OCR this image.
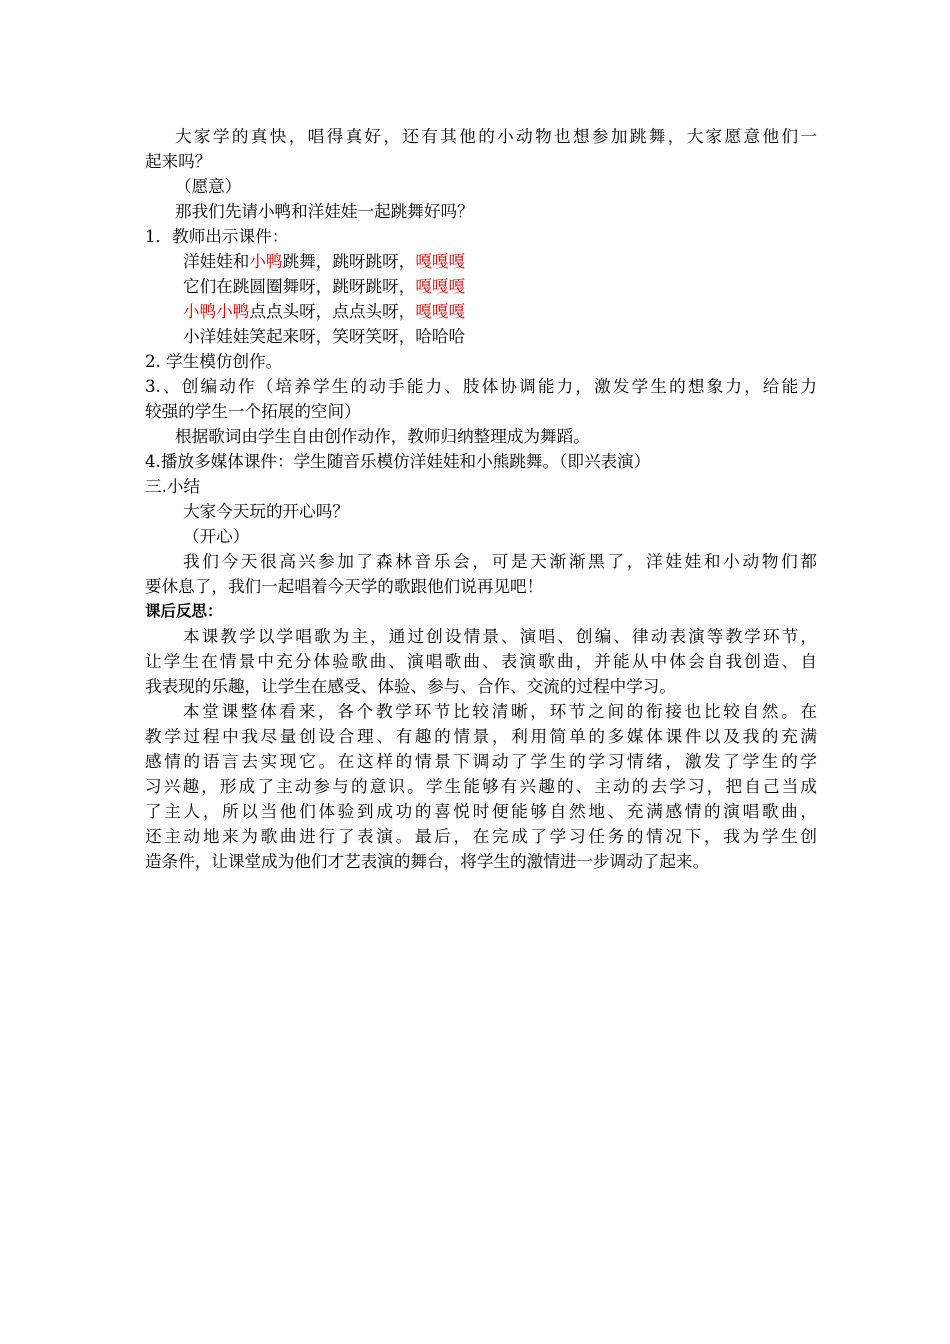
大家学的真快，唱得真好，还有其他的小动物也想参加跳舞，大家愿意他们一
起来吗？
（愿意）
那我们先请小鸭和洋娃娃一起跳舞好吗？
1．教师出示课件：
洋娃娃和小鸭跳舞，跳呀跳呀，嘎嘎嘎
它们在跳圆圈舞呀，跳呀跳呀，嘎嘎嘎
小鸭小鸭点点头呀，点点头呀，嘎嘎嘎
小洋娃娃笑起来呀，笑呀笑呀，哈哈哈
2. 学生模仿创作。
3.、创编动作（培养学生的动手能力、肢体协调能力，激发学生的想象力，给能力
较强的学生一个拓展的空间）
根据歌词由学生自由创作动作，教师归纳整理成为舞蹈。
4.播放多媒体课件：学生随音乐模仿洋娃娃和小熊跳舞。（即兴表演）
三.小结
大家今天玩的开心吗？
（开心）
我们今天很高兴参加了森林音乐会，可是天渐渐黑了，洋娃娃和小动物们都
要休息了，我们一起唱着今天学的歌跟他们说再见吧！
课后反思：
本课教学以学唱歌为主，通过创设情景、演唱、创编、律动表演等教学环节，
让学生在情景中充分体验歌曲、演唱歌曲、表演歌曲，并能从中体会自我创造、自
我表现的乐趣，让学生在感受、体验、参与、合作、交流的过程中学习。
本堂课整体看来，各个教学环节比较清晰，环节之间的衔接也比较自然。在
教学过程中我尽量创设合理、有趣的情景，利用简单的多媒体课件以及我的充满
感情的语言去实现它。在这样的情景下调动了学生的学习情绪，激发了学生的学
习兴趣，形成了主动参与的意识。学生能够有兴趣的、主动的去学习，把自己当成
了主人，所以当他们体验到成功的喜悦时便能够自然地、充满感情的演唱歌曲，
还主动地来为歌曲进行了表演。最后，在完成了学习任务的情况下，我为学生创
造条件，让课堂成为他们才艺表演的舞台，将学生的激情进一步调动了起来。
